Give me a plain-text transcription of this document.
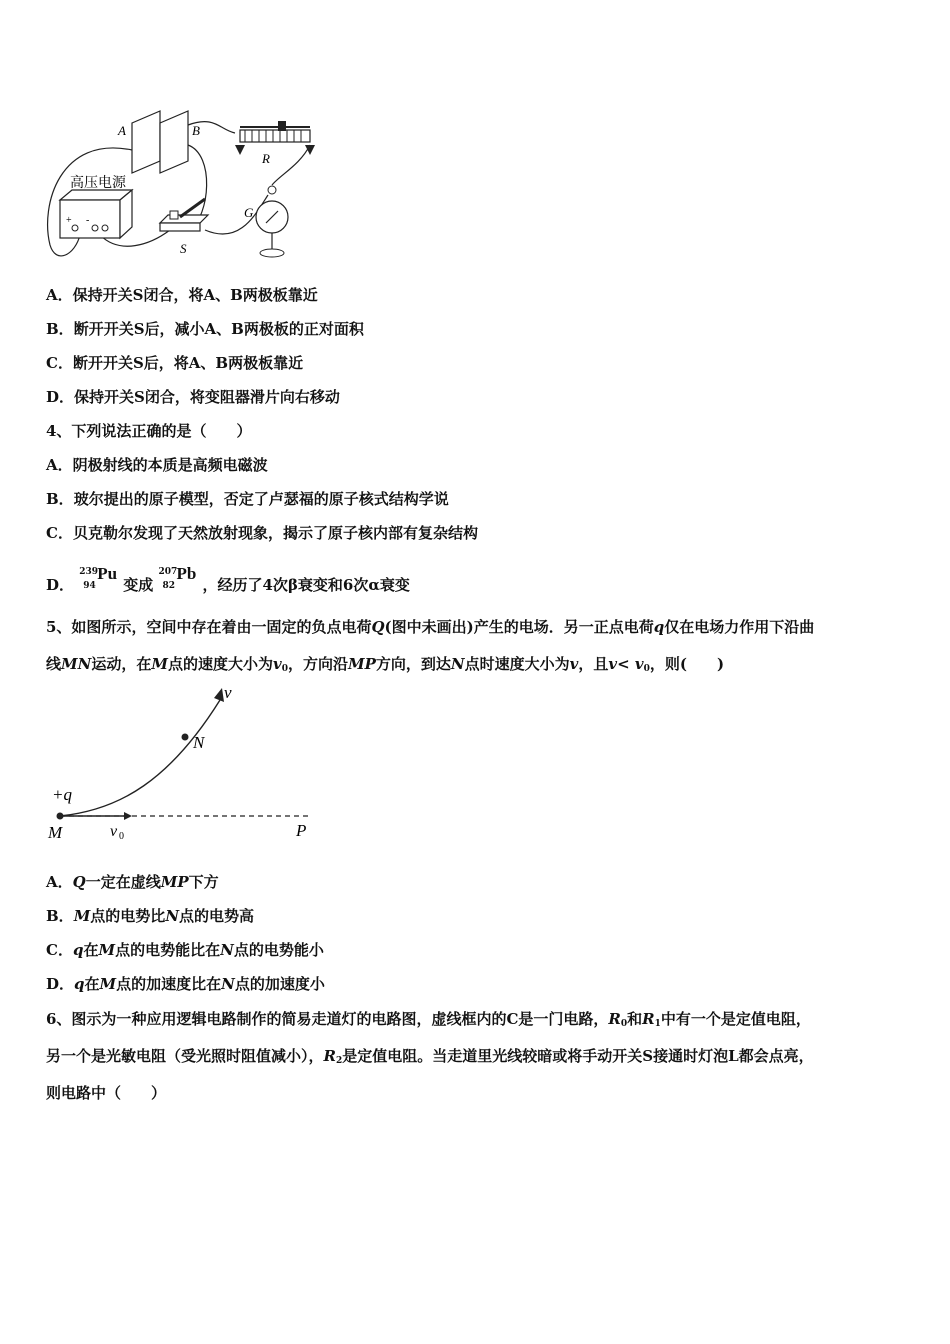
A	B
+ -
高压电源
S
R
G
A．保持开关S闭合，将A、B两极板靠近
B．断开开关S后，减小A、B两极板的正对面积
C．断开开关S后，将A、B两极板靠近
D．保持开关S闭合，将变阻器滑片向右移动
4、下列说法正确的是（　　）
A．阴极射线的本质是高频电磁波
B．玻尔提出的原子模型，否定了卢瑟福的原子核式结构学说
C．贝克勒尔发现了天然放射现象，揭示了原子核内部有复杂结构
D．
239
94
Pu
变成
207
82
Pb
，经历了4次β衰变和6次α衰变
5、如图所示，空间中存在着由一固定的负点电荷Q(图中未画出)产生的电场．另一正点电荷q仅在电场力作用下沿曲
线MN运动，在M点的速度大小为$v_0$，方向沿MP方向，到达N点时速度大小为v，且$v< v_0$，则(　　)
v
N
+q
M	v 0	P
A．Q一定在虚线MP下方
B．M点的电势比N点的电势高
C．q在M点的电势能比在N点的电势能小
D．q在M点的加速度比在N点的加速度小
6、图示为一种应用逻辑电路制作的简易走道灯的电路图，虚线框内的C是一门电路，$R_0$和$R_1$中有一个是定值电阻，
另一个是光敏电阻（受光照时阻值减小），$R_2$是定值电阻。当走道里光线较暗或将手动开关S接通时灯泡L都会点亮，
则电路中（　　）
